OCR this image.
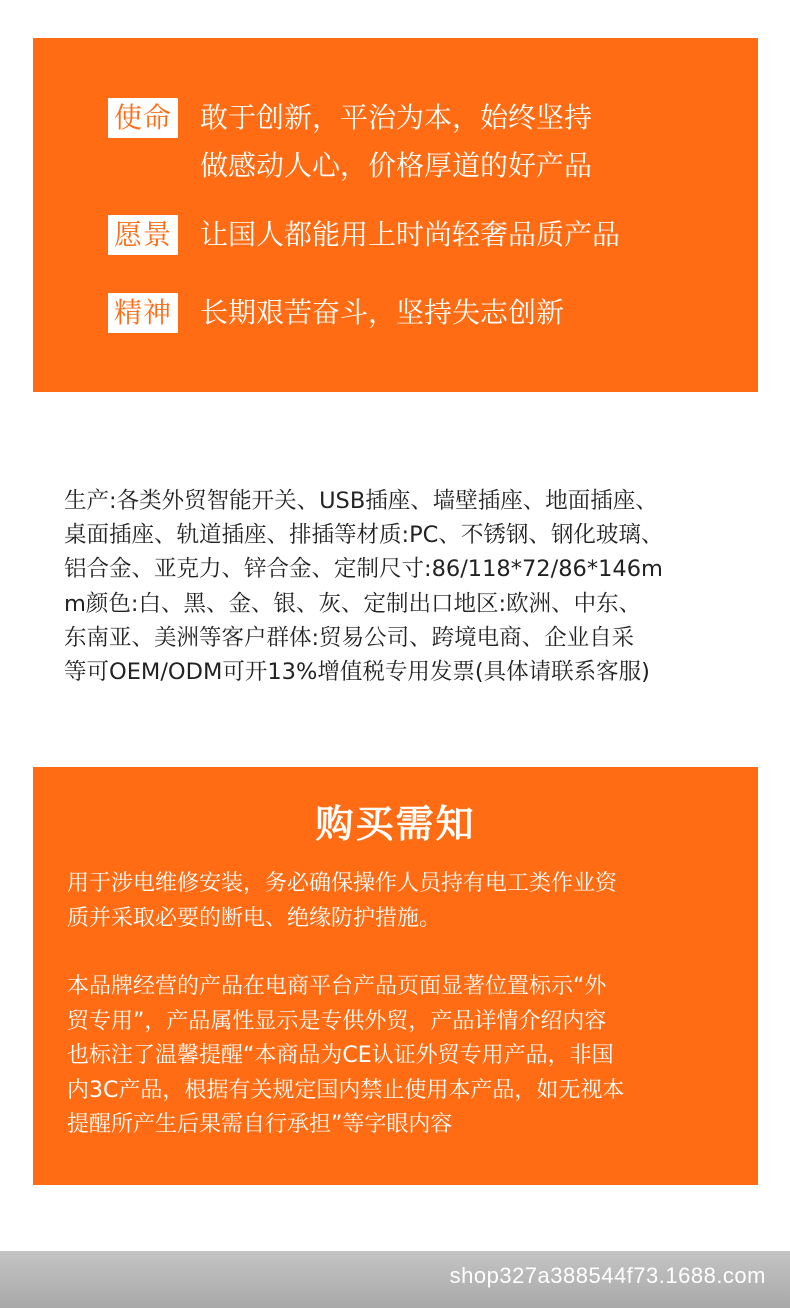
使命 敢于创新，平治为本，始终坚持
做感动人心，价格厚道的好产品
愿景 让国人都能用上时尚轻奢品质产品
精神 长期艰苦奋斗，坚持失志创新
生产:各类外贸智能开关、USB插座、墙壁插座、地面插座、
桌面插座、轨道插座、排插等材质:PC、不锈钢、钢化玻璃、
铝合金、亚克力、锌合金、定制尺寸:86/118*72/86*146m
m颜色:白、黑、金、银、灰、定制出口地区:欧洲、中东、
东南亚、美洲等客户群体:贸易公司、跨境电商、企业自采
等可OEM/ODM可开13%增值税专用发票(具体请联系客服)
购买需知
用于涉电维修安装，务必确保操作人员持有电工类作业资
质并采取必要的断电、绝缘防护措施。
本品牌经营的产品在电商平台产品页面显著位置标示“外
贸专用”，产品属性显示是专供外贸，产品详情介绍内容
也标注了温馨提醒“本商品为CE认证外贸专用产品，非国
内3C产品，根据有关规定国内禁止使用本产品，如无视本
提醒所产生后果需自行承担”等字眼内容
shop327a388544f73.1688.com
